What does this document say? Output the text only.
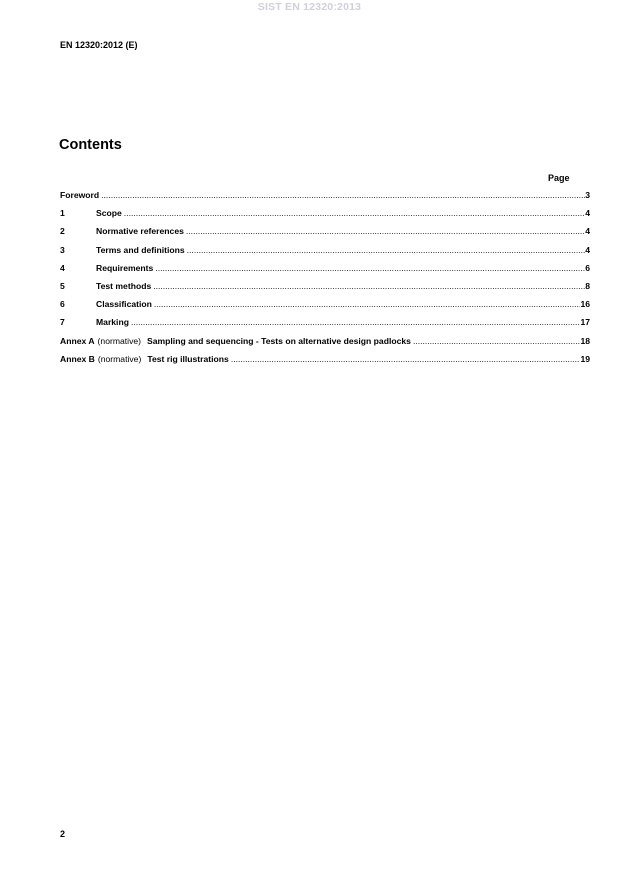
SIST EN 12320:2013
EN 12320:2012 (E)
Contents
Page
Foreword .....	3
1	Scope .....	4
2	Normative references .....	4
3	Terms and definitions .....	4
4	Requirements .....	6
5	Test methods .....	8
6	Classification .....	16
7	Marking .....	17
Annex A (normative) Sampling and sequencing - Tests on alternative design padlocks .....	18
Annex B (normative) Test rig illustrations .....	19
2
